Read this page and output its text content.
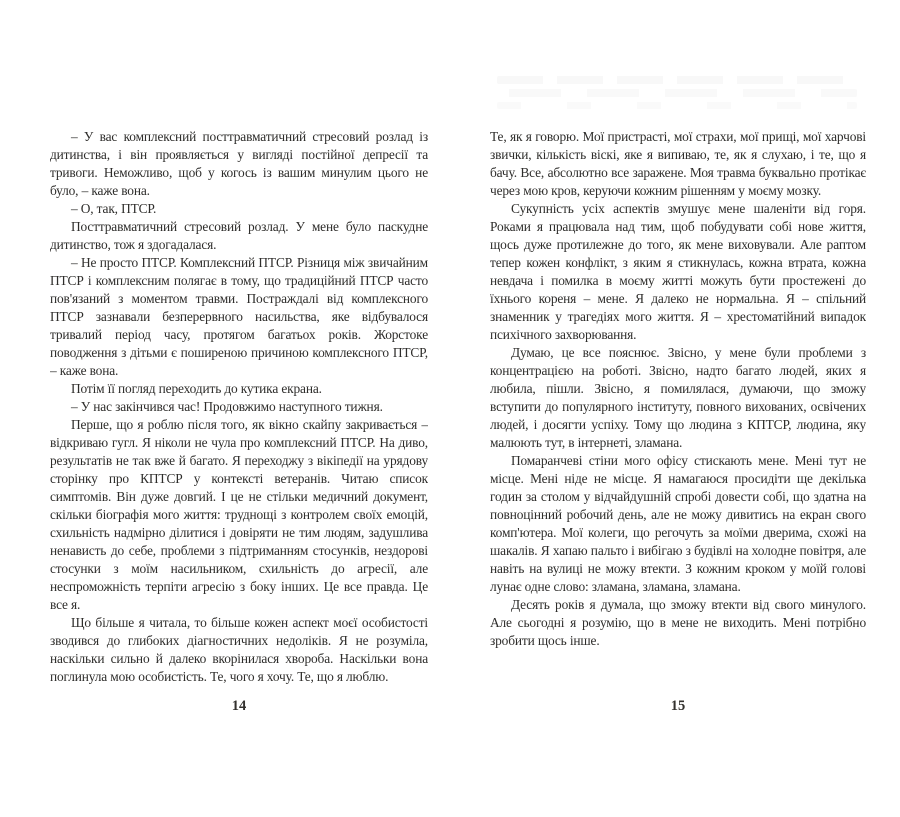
– У вас комплексний посттравматичний стресовий розлад із дитинства, і він проявляється у вигляді постійної депресії та тривоги. Неможливо, щоб у когось із вашим минулим цього не було, – каже вона.

– О, так, ПТСР.

Посттравматичний стресовий розлад. У мене було паскудне дитинство, тож я здогадалася.

– Не просто ПТСР. Комплексний ПТСР. Різниця між звичайним ПТСР і комплексним полягає в тому, що традиційний ПТСР часто пов'язаний з моментом травми. Постраждалі від комплексного ПТСР зазнавали безперервного насильства, яке відбувалося тривалий період часу, протягом багатьох років. Жорстоке поводження з дітьми є поширеною причиною комплексного ПТСР, – каже вона.

Потім її погляд переходить до кутика екрана.

– У нас закінчився час! Продовжимо наступного тижня.

Перше, що я роблю після того, як вікно скайпу закривається – відкриваю гугл. Я ніколи не чула про комплексний ПТСР. На диво, результатів не так вже й багато. Я переходжу з вікіпедії на урядову сторінку про КПТСР у контексті ветеранів. Читаю список симптомів. Він дуже довгий. І це не стільки медичний документ, скільки біографія мого життя: труднощі з контролем своїх емоцій, схильність надмірно ділитися і довіряти не тим людям, задушлива ненависть до себе, проблеми з підтриманням стосунків, нездорові стосунки з моїм насильником, схильність до агресії, але неспроможність терпіти агресію з боку інших. Це все правда. Це все я.

Що більше я читала, то більше кожен аспект моєї особистості зводився до глибоких діагностичних недоліків. Я не розуміла, наскільки сильно й далеко вкорінилася хвороба. Наскільки вона поглинула мою особистість. Те, чого я хочу. Те, що я люблю.

Те, як я говорю. Мої пристрасті, мої страхи, мої прищі, мої харчові звички, кількість віскі, яке я випиваю, те, як я слухаю, і те, що я бачу. Все, абсолютно все заражене. Моя травма буквально протікає через мою кров, керуючи кожним рішенням у моєму мозку.

Сукупність усіх аспектів змушує мене шаленіти від горя. Роками я працювала над тим, щоб побудувати собі нове життя, щось дуже протилежне до того, як мене виховували. Але раптом тепер кожен конфлікт, з яким я стикнулась, кожна втрата, кожна невдача і помилка в моєму житті можуть бути простежені до їхнього кореня – мене. Я далеко не нормальна. Я – спільний знаменник у трагедіях мого життя. Я – хрестоматійний випадок психічного захворювання.

Думаю, це все пояснює. Звісно, у мене були проблеми з концентрацією на роботі. Звісно, надто багато людей, яких я любила, пішли. Звісно, я помилялася, думаючи, що зможу вступити до популярного інституту, повного вихованих, освічених людей, і досягти успіху. Тому що людина з КПТСР, людина, яку малюють тут, в інтернеті, зламана.

Помаранчеві стіни мого офісу стискають мене. Мені тут не місце. Мені ніде не місце. Я намагаюся просидіти ще декілька годин за столом у відчайдушній спробі довести собі, що здатна на повноцінний робочий день, але не можу дивитись на екран свого комп'ютера. Мої колеги, що регочуть за моїми дверима, схожі на шакалів. Я хапаю пальто і вибігаю з будівлі на холодне повітря, але навіть на вулиці не можу втекти. З кожним кроком у моїй голові лунає одне слово: зламана, зламана, зламана.

Десять років я думала, що зможу втекти від свого минулого. Але сьогодні я розумію, що в мене не виходить. Мені потрібно зробити щось інше.

14	15
